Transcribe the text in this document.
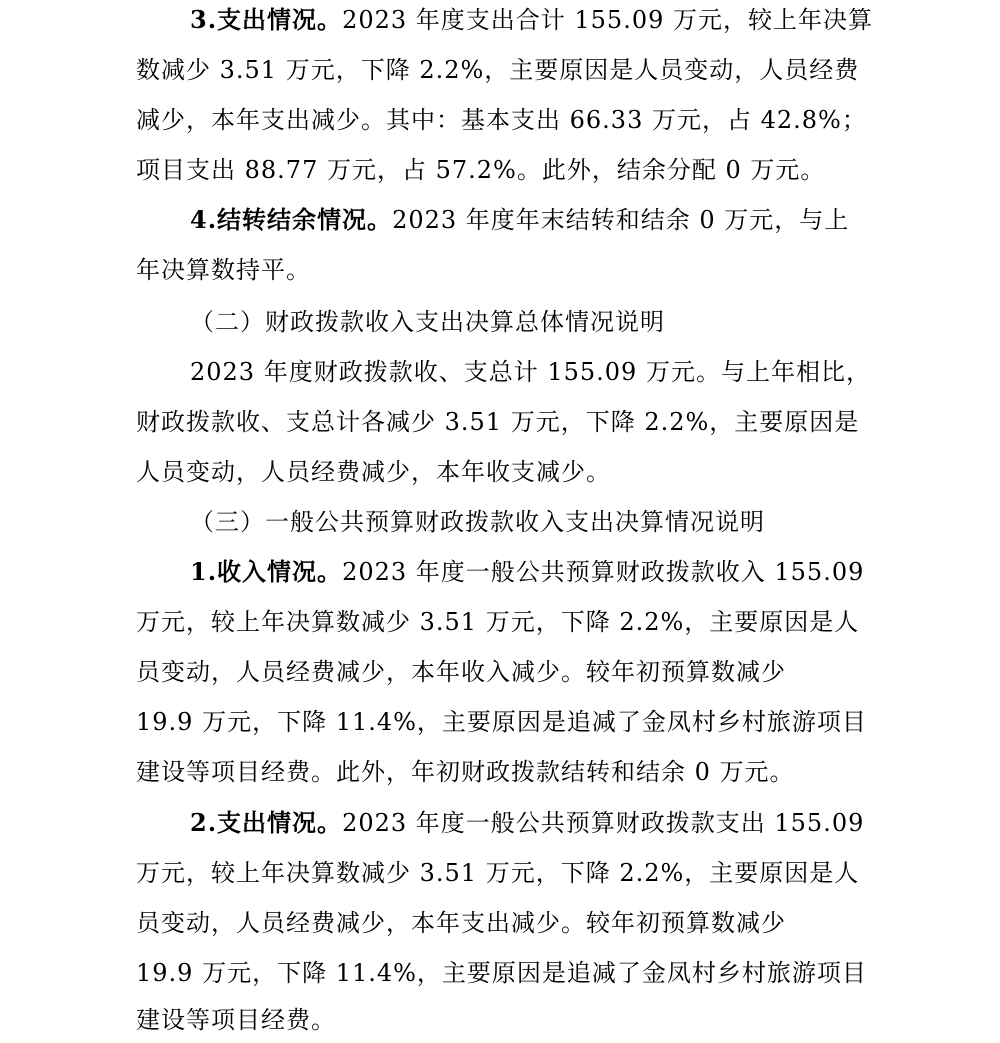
3.支出情况。2023 年度支出合计 155.09 万元，较上年决算
数减少 3.51 万元，下降 2.2%，主要原因是人员变动，人员经费
减少，本年支出减少。其中：基本支出 66.33 万元，占 42.8%；
项目支出 88.77 万元，占 57.2%。此外，结余分配 0 万元。
4.结转结余情况。2023 年度年末结转和结余 0 万元，与上
年决算数持平。
（二）财政拨款收入支出决算总体情况说明
2023 年度财政拨款收、支总计 155.09 万元。与上年相比，
财政拨款收、支总计各减少 3.51 万元，下降 2.2%，主要原因是
人员变动，人员经费减少，本年收支减少。
（三）一般公共预算财政拨款收入支出决算情况说明
1.收入情况。2023 年度一般公共预算财政拨款收入 155.09
万元，较上年决算数减少 3.51 万元，下降 2.2%，主要原因是人
员变动，人员经费减少，本年收入减少。较年初预算数减少
19.9 万元，下降 11.4%，主要原因是追减了金凤村乡村旅游项目
建设等项目经费。此外，年初财政拨款结转和结余 0 万元。
2.支出情况。2023 年度一般公共预算财政拨款支出 155.09
万元，较上年决算数减少 3.51 万元，下降 2.2%，主要原因是人
员变动，人员经费减少，本年支出减少。较年初预算数减少
19.9 万元，下降 11.4%，主要原因是追减了金凤村乡村旅游项目
建设等项目经费。
